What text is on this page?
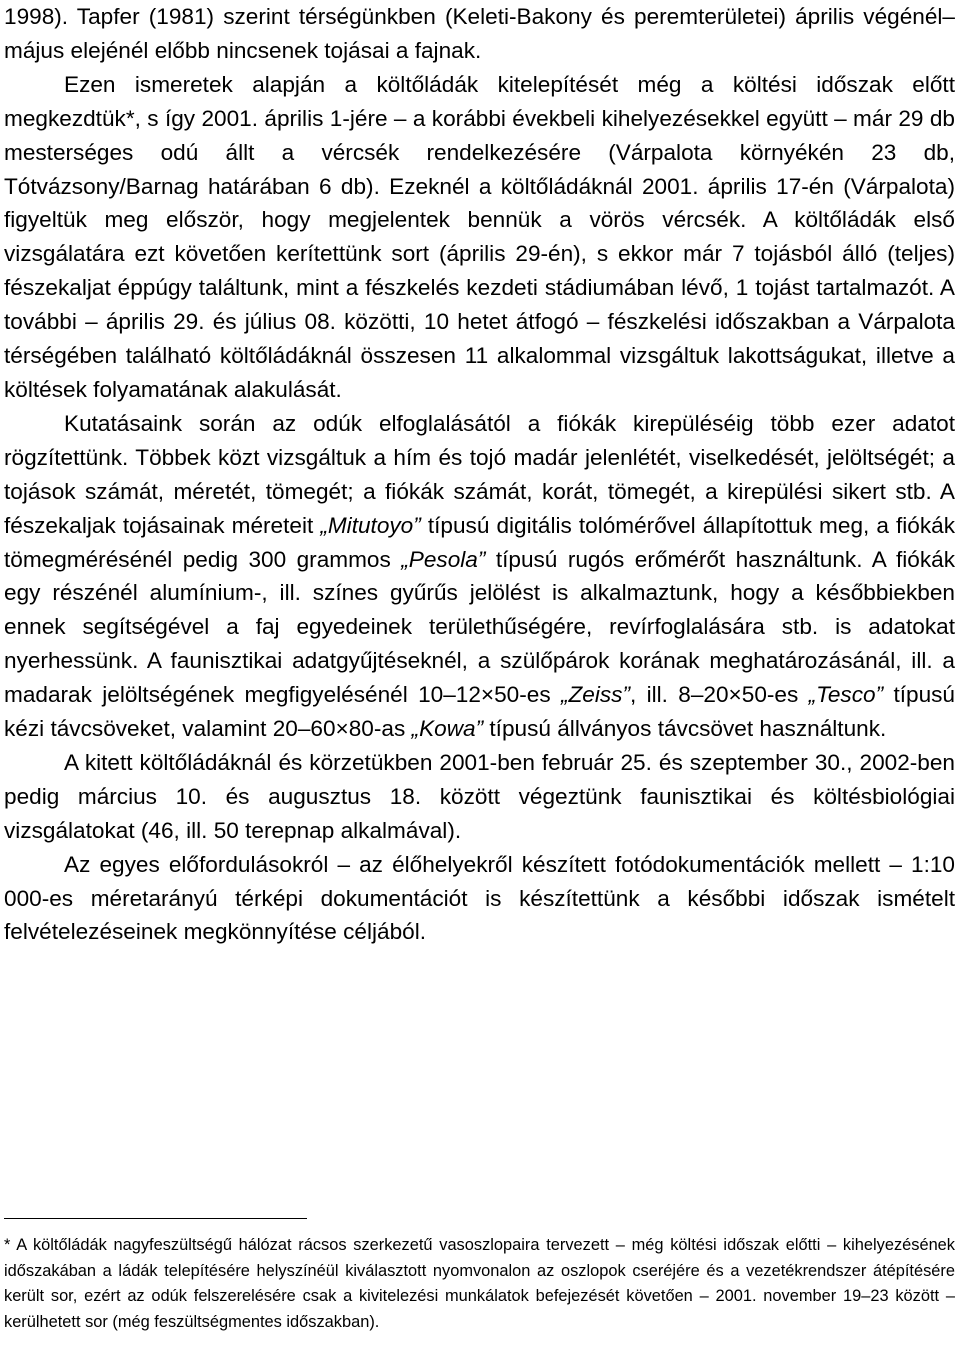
1998). Tapfer (1981) szerint térségünkben (Keleti-Bakony és peremterületei) április végénél–május elejénél előbb nincsenek tojásai a fajnak.

Ezen ismeretek alapján a költőládák kitelepítését még a költési időszak előtt megkezdtük*, s így 2001. április 1-jére – a korábbi évekbeli kihelyezésekkel együtt – már 29 db mesterséges odú állt a vércsék rendelkezésére (Várpalota környékén 23 db, Tótvázsony/Barnag határában 6 db). Ezeknél a költőládáknál 2001. április 17-én (Várpalota) figyeltük meg először, hogy megjelentek bennük a vörös vércsék. A költőládák első vizsgálatára ezt követően kerítettünk sort (április 29-én), s ekkor már 7 tojásból álló (teljes) fészekaljat éppúgy találtunk, mint a fészkelés kezdeti stádiumában lévő, 1 tojást tartalmazót. A további – április 29. és július 08. közötti, 10 hetet átfogó – fészkelési időszakban a Várpalota térségében található költőládáknál összesen 11 alkalommal vizsgáltuk lakottságukat, illetve a költések folyamatának alakulását.

Kutatásaink során az odúk elfoglalásától a fiókák kirepüléséig több ezer adatot rögzítettünk. Többek közt vizsgáltuk a hím és tojó madár jelenlétét, viselkedését, jelöltségét; a tojások számát, méretét, tömegét; a fiókák számát, korát, tömegét, a kirepülési sikert stb. A fészekaljak tojásainak méreteit „Mitutoyo” típusú digitális tolómérővel állapítottuk meg, a fiókák tömegmérésénél pedig 300 grammos „Pesola” típusú rugós erőmérőt használtunk. A fiókák egy részénél alumínium-, ill. színes gyűrűs jelölést is alkalmaztunk, hogy a későbbiekben ennek segítségével a faj egyedeinek területhűségére, revírfoglalására stb. is adatokat nyerhessünk. A faunisztikai adatgyűjtéseknél, a szülőpárok korának meghatározásánál, ill. a madarak jelöltségének megfigyelésénél 10–12×50-es „Zeiss”, ill. 8–20×50-es „Tesco” típusú kézi távcsöveket, valamint 20–60×80-as „Kowa” típusú állványos távcsövet használtunk.

A kitett költőládáknál és körzetükben 2001-ben február 25. és szeptember 30., 2002-ben pedig március 10. és augusztus 18. között végeztünk faunisztikai és költésbiológiai vizsgálatokat (46, ill. 50 terepnap alkalmával).

Az egyes előfordulásokról – az élőhelyekről készített fotódokumentációk mellett – 1:10 000-es méretarányú térképi dokumentációt is készítettünk a későbbi időszak ismételt felvételezéseinek megkönnyítése céljából.

* A költőládák nagyfeszültségű hálózat rácsos szerkezetű vasoszlopaira tervezett – még költési időszak előtti – kihelyezésének időszakában a ládák telepítésére helyszínéül kiválasztott nyomvonalon az oszlopok cseréjére és a vezetékrendszer átépítésére került sor, ezért az odúk felszerelésére csak a kivitelezési munkálatok befejezését követően – 2001. november 19–23 között – kerülhetett sor (még feszültségmentes időszakban).
